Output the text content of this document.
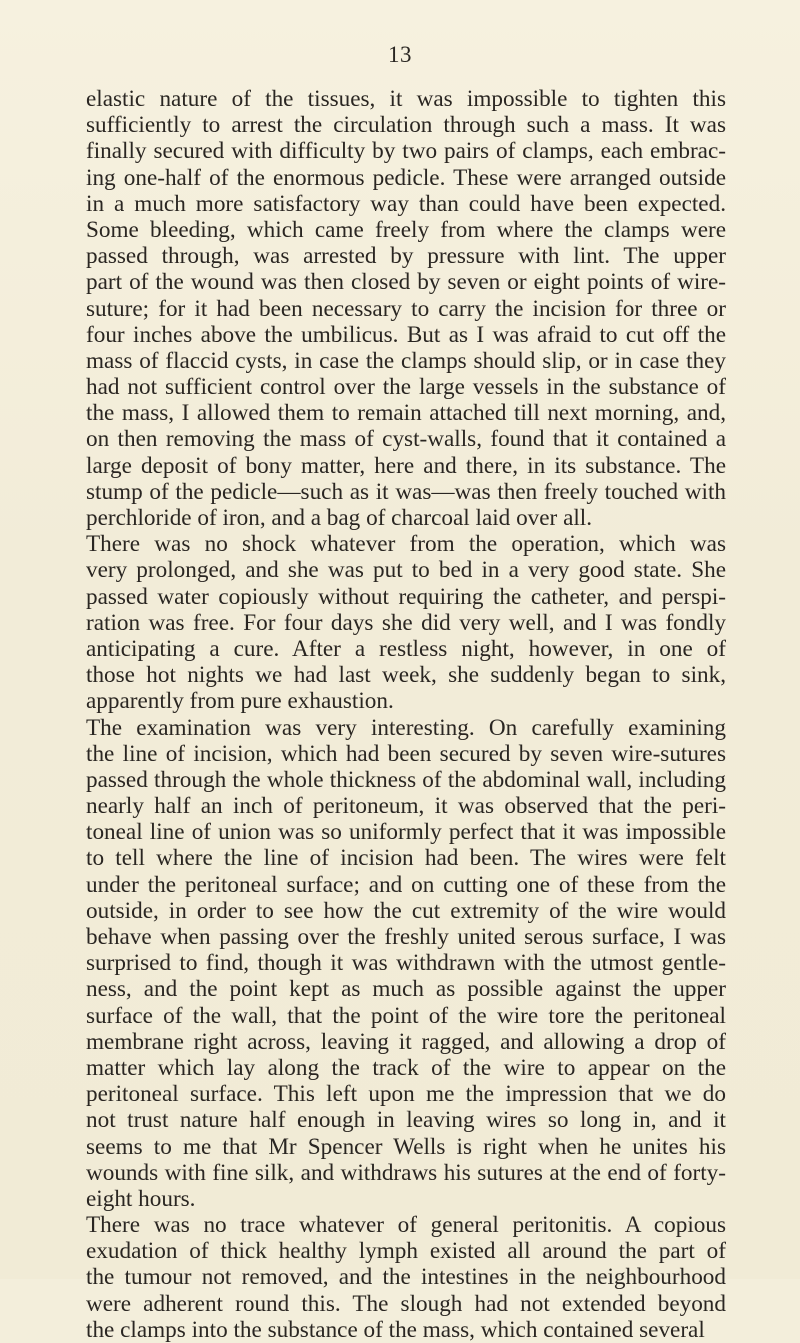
13
elastic nature of the tissues, it was impossible to tighten this
sufficiently to arrest the circulation through such a mass. It was
finally secured with difficulty by two pairs of clamps, each embrac-
ing one-half of the enormous pedicle. These were arranged outside
in a much more satisfactory way than could have been expected.
Some bleeding, which came freely from where the clamps were
passed through, was arrested by pressure with lint. The upper
part of the wound was then closed by seven or eight points of wire-
suture; for it had been necessary to carry the incision for three or
four inches above the umbilicus. But as I was afraid to cut off the
mass of flaccid cysts, in case the clamps should slip, or in case they
had not sufficient control over the large vessels in the substance of
the mass, I allowed them to remain attached till next morning, and,
on then removing the mass of cyst-walls, found that it contained a
large deposit of bony matter, here and there, in its substance. The
stump of the pedicle—such as it was—was then freely touched with
perchloride of iron, and a bag of charcoal laid over all.
There was no shock whatever from the operation, which was
very prolonged, and she was put to bed in a very good state. She
passed water copiously without requiring the catheter, and perspi-
ration was free. For four days she did very well, and I was fondly
anticipating a cure. After a restless night, however, in one of
those hot nights we had last week, she suddenly began to sink,
apparently from pure exhaustion.
The examination was very interesting. On carefully examining
the line of incision, which had been secured by seven wire-sutures
passed through the whole thickness of the abdominal wall, including
nearly half an inch of peritoneum, it was observed that the peri-
toneal line of union was so uniformly perfect that it was impossible
to tell where the line of incision had been. The wires were felt
under the peritoneal surface; and on cutting one of these from the
outside, in order to see how the cut extremity of the wire would
behave when passing over the freshly united serous surface, I was
surprised to find, though it was withdrawn with the utmost gentle-
ness, and the point kept as much as possible against the upper
surface of the wall, that the point of the wire tore the peritoneal
membrane right across, leaving it ragged, and allowing a drop of
matter which lay along the track of the wire to appear on the
peritoneal surface. This left upon me the impression that we do
not trust nature half enough in leaving wires so long in, and it
seems to me that Mr Spencer Wells is right when he unites his
wounds with fine silk, and withdraws his sutures at the end of forty-
eight hours.
There was no trace whatever of general peritonitis. A copious
exudation of thick healthy lymph existed all around the part of
the tumour not removed, and the intestines in the neighbourhood
were adherent round this. The slough had not extended beyond
the clamps into the substance of the mass, which contained several
